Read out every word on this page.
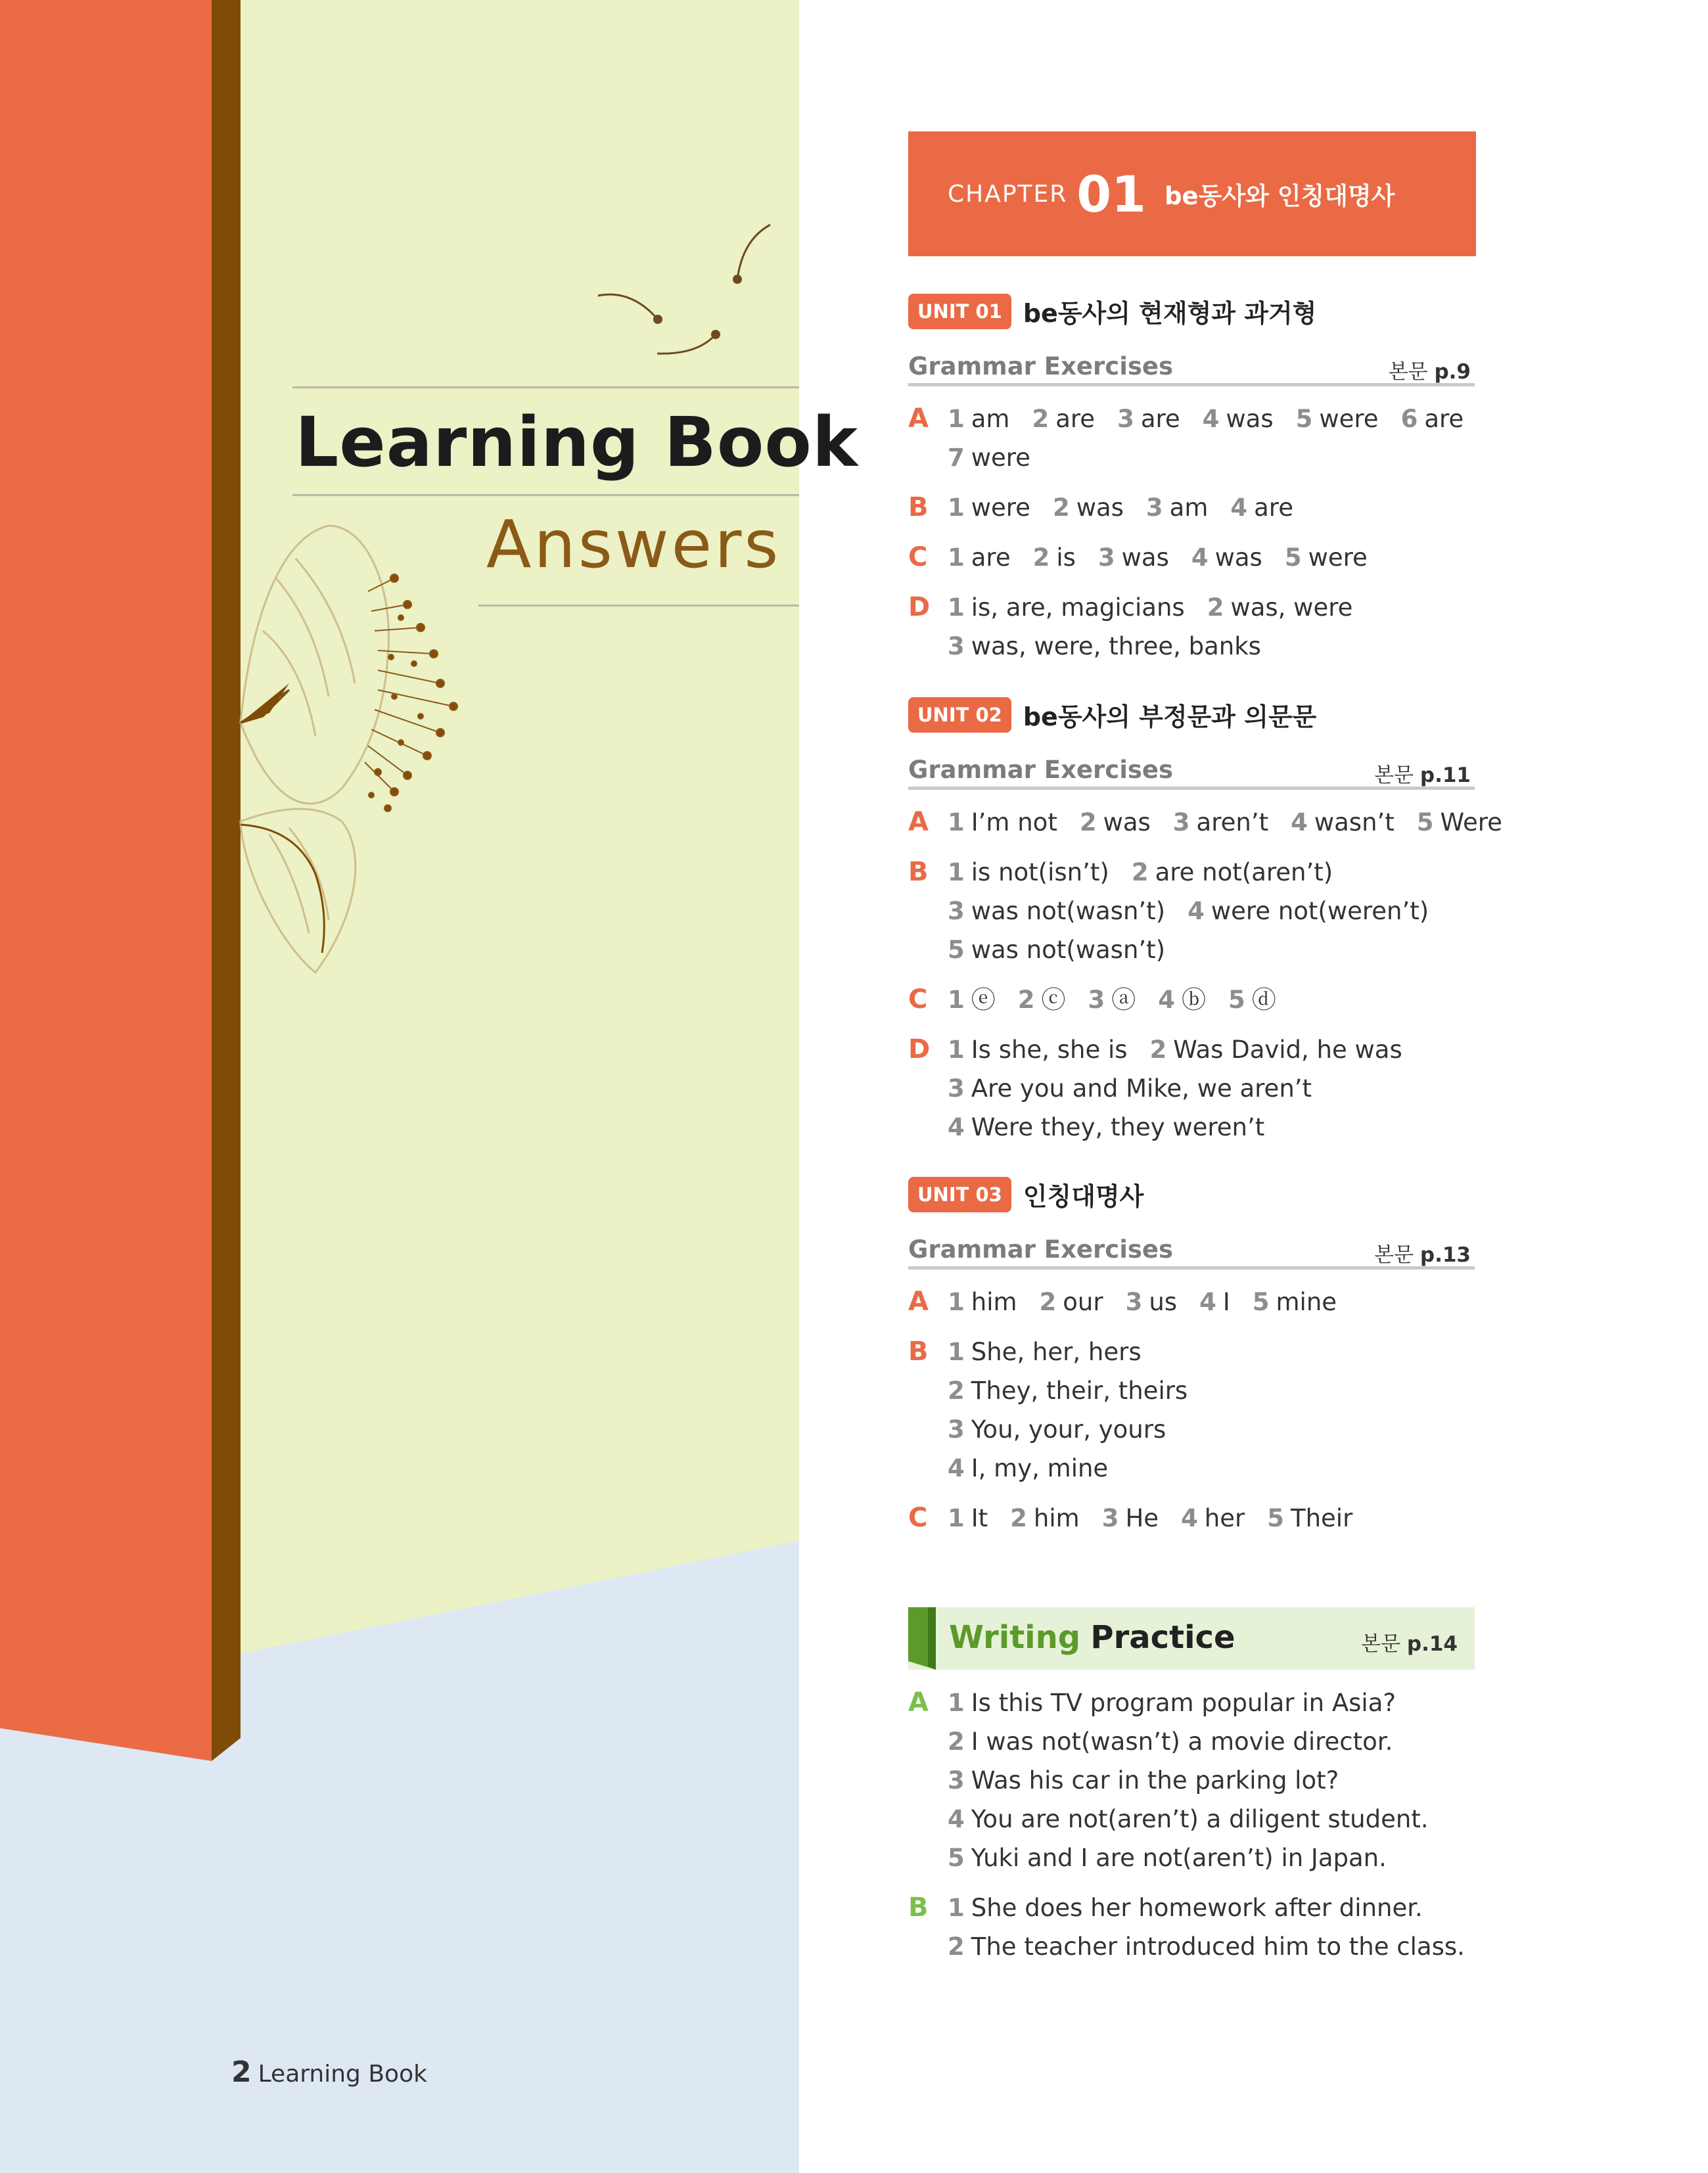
Learning Book
Answers
2 Learning Book
CHAPTER 01 be동사와 인칭대명사
UNIT 01 be동사의 현재형과 과거형
Grammar Exercises	본문 p.9
A 1 am 2 are 3 are 4 was 5 were 6 are
7 were
B 1 were 2 was 3 am 4 are
C 1 are 2 is 3 was 4 was 5 were
D 1 is, are, magicians 2 was, were
3 was, were, three, banks
UNIT 02 be동사의 부정문과 의문문
Grammar Exercises	본문 p.11
A 1 I’m not 2 was 3 aren’t 4 wasn’t 5 Were
B 1 is not(isn’t) 2 are not(aren’t)
3 was not(wasn’t) 4 were not(weren’t)
5 was not(wasn’t)
C 1 ⓔ 2 ⓒ 3 ⓐ 4 ⓑ 5 ⓓ
D 1 Is she, she is 2 Was David, he was
3 Are you and Mike, we aren’t
4 Were they, they weren’t
UNIT 03 인칭대명사
Grammar Exercises	본문 p.13
A 1 him 2 our 3 us 4 I 5 mine
B 1 She, her, hers
2 They, their, theirs
3 You, your, yours
4 I, my, mine
C 1 It 2 him 3 He 4 her 5 Their
Writing Practice	본문 p.14
A 1 Is this TV program popular in Asia?
2 I was not(wasn’t) a movie director.
3 Was his car in the parking lot?
4 You are not(aren’t) a diligent student.
5 Yuki and I are not(aren’t) in Japan.
B 1 She does her homework after dinner.
2 The teacher introduced him to the class.
